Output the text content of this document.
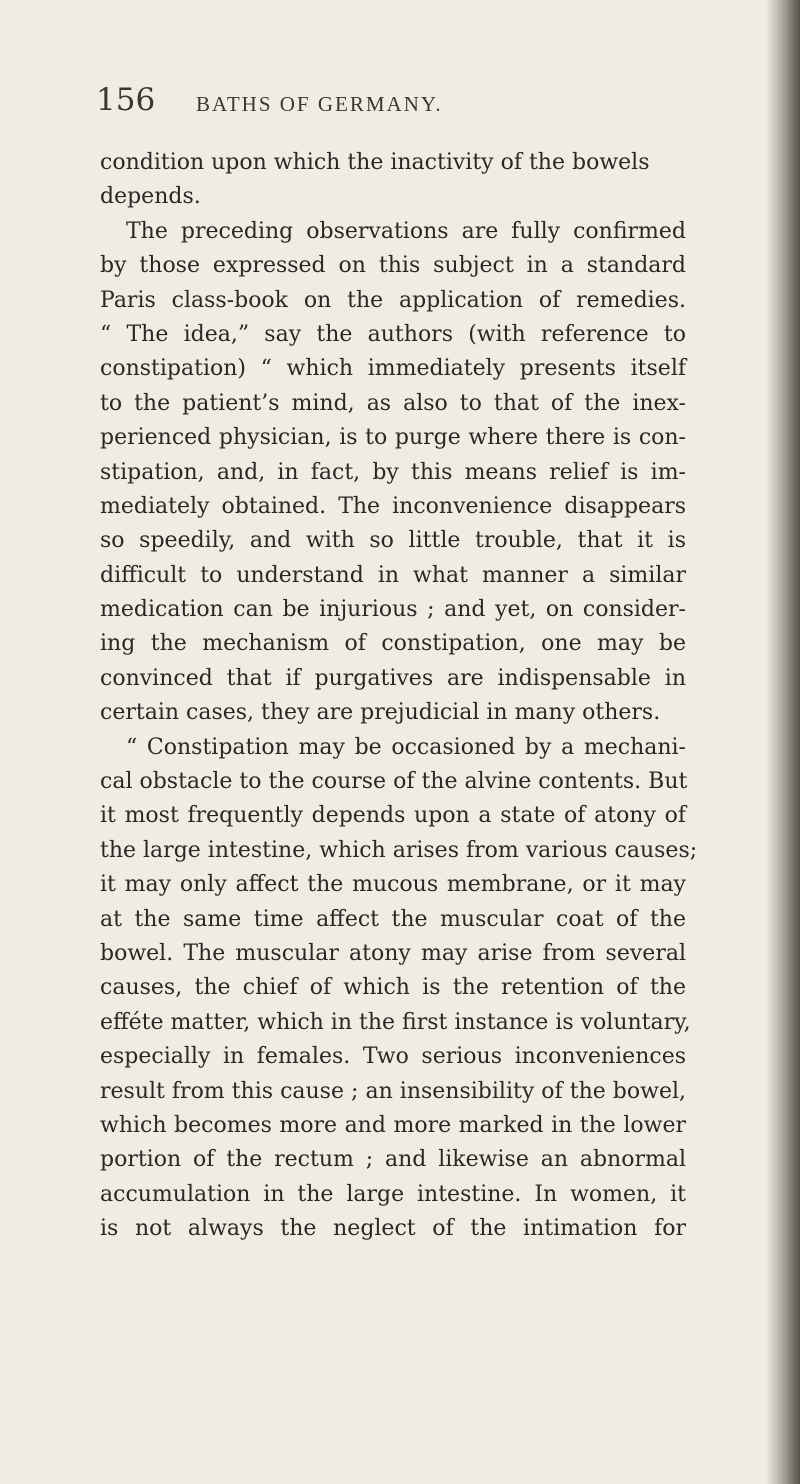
156 BATHS OF GERMANY.
condition upon which the inactivity of the bowels
depends.
The preceding observations are fully confirmed
by those expressed on this subject in a standard
Paris class-book on the application of remedies.
“ The idea,” say the authors (with reference to
constipation) “ which immediately presents itself
to the patient’s mind, as also to that of the inex-
perienced physician, is to purge where there is con-
stipation, and, in fact, by this means relief is im-
mediately obtained. The inconvenience disappears
so speedily, and with so little trouble, that it is
difficult to understand in what manner a similar
medication can be injurious ; and yet, on consider-
ing the mechanism of constipation, one may be
convinced that if purgatives are indispensable in
certain cases, they are prejudicial in many others.
“ Constipation may be occasioned by a mechani-
cal obstacle to the course of the alvine contents. But
it most frequently depends upon a state of atony of
the large intestine, which arises from various causes;
it may only affect the mucous membrane, or it may
at the same time affect the muscular coat of the
bowel. The muscular atony may arise from several
causes, the chief of which is the retention of the
efféte matter, which in the first instance is voluntary,
especially in females. Two serious inconveniences
result from this cause ; an insensibility of the bowel,
which becomes more and more marked in the lower
portion of the rectum ; and likewise an abnormal
accumulation in the large intestine. In women, it
is not always the neglect of the intimation for
